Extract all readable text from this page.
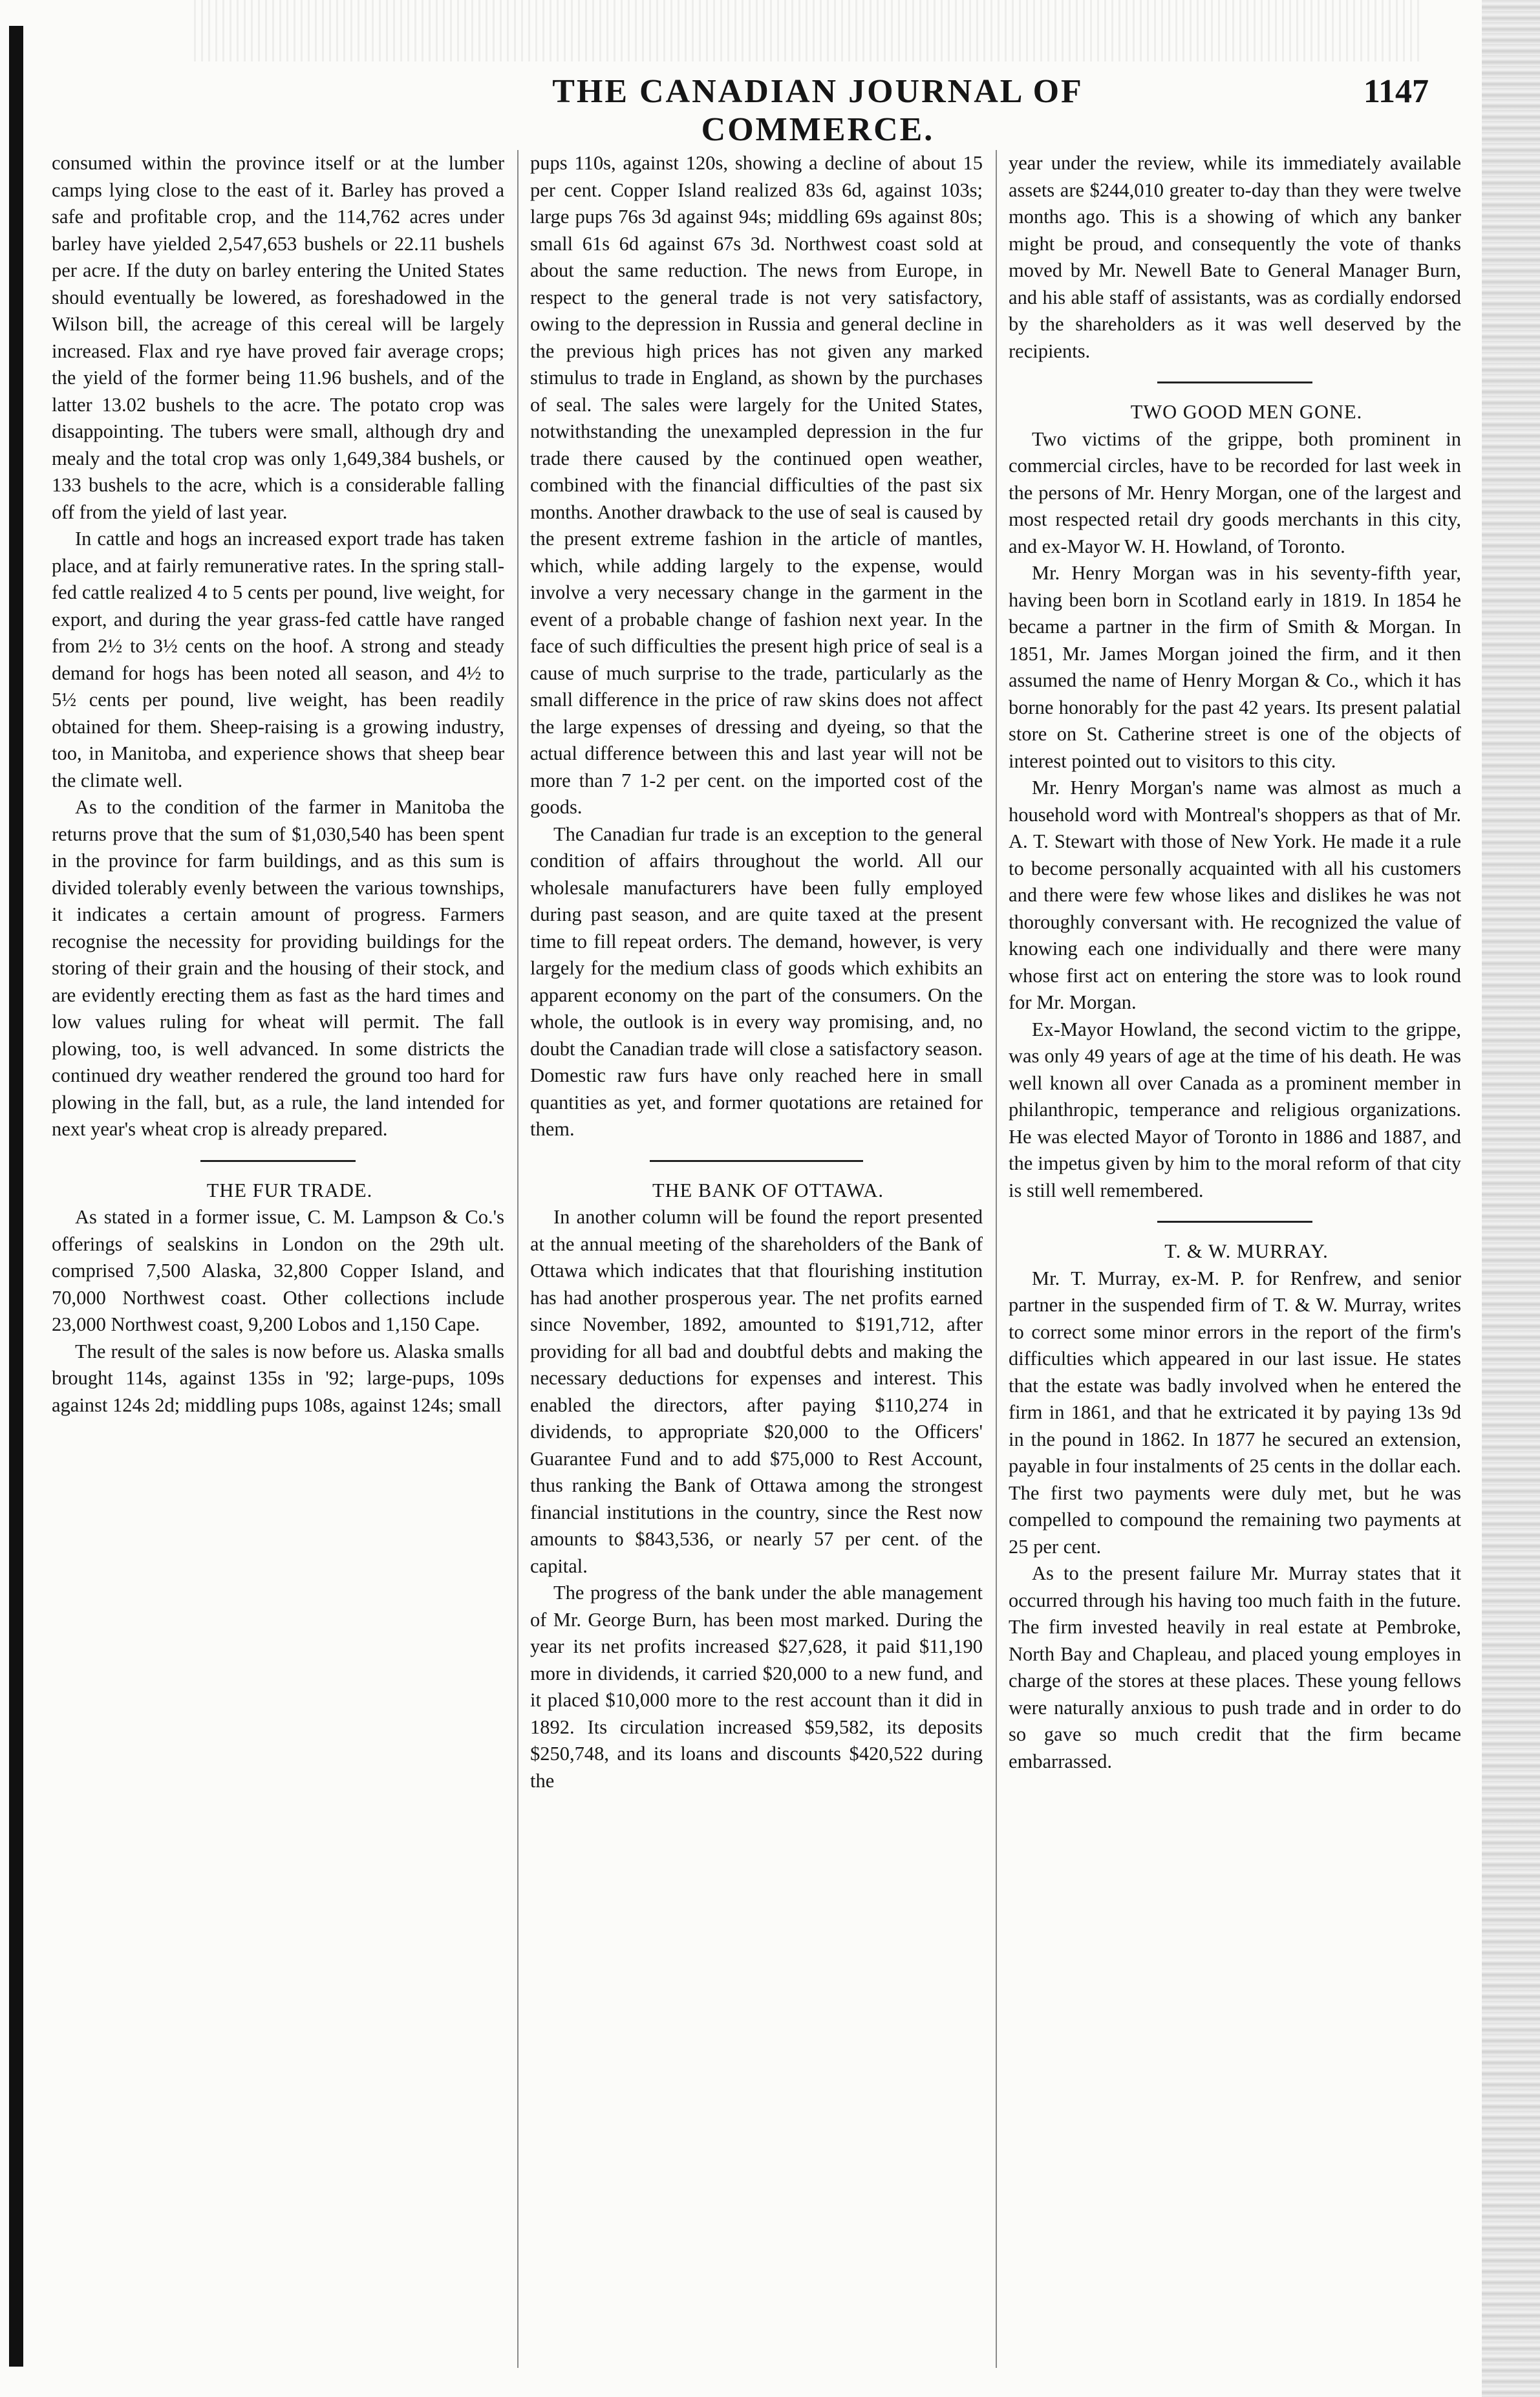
THE CANADIAN JOURNAL OF COMMERCE.
1147

consumed within the province itself or at the lumber camps lying close to the east of it. Barley has proved a safe and profitable crop, and the 114,762 acres under barley have yielded 2,547,653 bushels or 22.11 bushels per acre. If the duty on barley entering the United States should eventually be lowered, as foreshadowed in the Wilson bill, the acreage of this cereal will be largely increased. Flax and rye have proved fair average crops; the yield of the former being 11.96 bushels, and of the latter 13.02 bushels to the acre. The potato crop was disappointing. The tubers were small, although dry and mealy and the total crop was only 1,649,384 bushels, or 133 bushels to the acre, which is a considerable falling off from the yield of last year.

In cattle and hogs an increased export trade has taken place, and at fairly remunerative rates. In the spring stall-fed cattle realized 4 to 5 cents per pound, live weight, for export, and during the year grass-fed cattle have ranged from 2½ to 3½ cents on the hoof. A strong and steady demand for hogs has been noted all season, and 4½ to 5½ cents per pound, live weight, has been readily obtained for them. Sheep-raising is a growing industry, too, in Manitoba, and experience shows that sheep bear the climate well.

As to the condition of the farmer in Manitoba the returns prove that the sum of $1,030,540 has been spent in the province for farm buildings, and as this sum is divided tolerably evenly between the various townships, it indicates a certain amount of progress. Farmers recognise the necessity for providing buildings for the storing of their grain and the housing of their stock, and are evidently erecting them as fast as the hard times and low values ruling for wheat will permit. The fall plowing, too, is well advanced. In some districts the continued dry weather rendered the ground too hard for plowing in the fall, but, as a rule, the land intended for next year's wheat crop is already prepared.

THE FUR TRADE.

As stated in a former issue, C. M. Lampson & Co.'s offerings of sealskins in London on the 29th ult. comprised 7,500 Alaska, 32,800 Copper Island, and 70,000 Northwest coast. Other collections include 23,000 Northwest coast, 9,200 Lobos and 1,150 Cape.

The result of the sales is now before us. Alaska smalls brought 114s, against 135s in '92; large-pups, 109s against 124s 2d; middling pups 108s, against 124s; small

pups 110s, against 120s, showing a decline of about 15 per cent. Copper Island realized 83s 6d, against 103s; large pups 76s 3d against 94s; middling 69s against 80s; small 61s 6d against 67s 3d. Northwest coast sold at about the same reduction. The news from Europe, in respect to the general trade is not very satisfactory, owing to the depression in Russia and general decline in the previous high prices has not given any marked stimulus to trade in England, as shown by the purchases of seal. The sales were largely for the United States, notwithstanding the unexampled depression in the fur trade there caused by the continued open weather, combined with the financial difficulties of the past six months. Another drawback to the use of seal is caused by the present extreme fashion in the article of mantles, which, while adding largely to the expense, would involve a very necessary change in the garment in the event of a probable change of fashion next year. In the face of such difficulties the present high price of seal is a cause of much surprise to the trade, particularly as the small difference in the price of raw skins does not affect the large expenses of dressing and dyeing, so that the actual difference between this and last year will not be more than 7 1-2 per cent. on the imported cost of the goods.

The Canadian fur trade is an exception to the general condition of affairs throughout the world. All our wholesale manufacturers have been fully employed during past season, and are quite taxed at the present time to fill repeat orders. The demand, however, is very largely for the medium class of goods which exhibits an apparent economy on the part of the consumers. On the whole, the outlook is in every way promising, and, no doubt the Canadian trade will close a satisfactory season. Domestic raw furs have only reached here in small quantities as yet, and former quotations are retained for them.

THE BANK OF OTTAWA.

In another column will be found the report presented at the annual meeting of the shareholders of the Bank of Ottawa which indicates that that flourishing institution has had another prosperous year. The net profits earned since November, 1892, amounted to $191,712, after providing for all bad and doubtful debts and making the necessary deductions for expenses and interest. This enabled the directors, after paying $110,274 in dividends, to appropriate $20,000 to the Officers' Guarantee Fund and to add $75,000 to Rest Account, thus ranking the Bank of Ottawa among the strongest financial institutions in the country, since the Rest now amounts to $843,536, or nearly 57 per cent. of the capital.

The progress of the bank under the able management of Mr. George Burn, has been most marked. During the year its net profits increased $27,628, it paid $11,190 more in dividends, it carried $20,000 to a new fund, and it placed $10,000 more to the rest account than it did in 1892. Its circulation increased $59,582, its deposits $250,748, and its loans and discounts $420,522 during the

year under the review, while its immediately available assets are $244,010 greater to-day than they were twelve months ago. This is a showing of which any banker might be proud, and consequently the vote of thanks moved by Mr. Newell Bate to General Manager Burn, and his able staff of assistants, was as cordially endorsed by the shareholders as it was well deserved by the recipients.

TWO GOOD MEN GONE.

Two victims of the grippe, both prominent in commercial circles, have to be recorded for last week in the persons of Mr. Henry Morgan, one of the largest and most respected retail dry goods merchants in this city, and ex-Mayor W. H. Howland, of Toronto.

Mr. Henry Morgan was in his seventy-fifth year, having been born in Scotland early in 1819. In 1854 he became a partner in the firm of Smith & Morgan. In 1851, Mr. James Morgan joined the firm, and it then assumed the name of Henry Morgan & Co., which it has borne honorably for the past 42 years. Its present palatial store on St. Catherine street is one of the objects of interest pointed out to visitors to this city.

Mr. Henry Morgan's name was almost as much a household word with Montreal's shoppers as that of Mr. A. T. Stewart with those of New York. He made it a rule to become personally acquainted with all his customers and there were few whose likes and dislikes he was not thoroughly conversant with. He recognized the value of knowing each one individually and there were many whose first act on entering the store was to look round for Mr. Morgan.

Ex-Mayor Howland, the second victim to the grippe, was only 49 years of age at the time of his death. He was well known all over Canada as a prominent member in philanthropic, temperance and religious organizations. He was elected Mayor of Toronto in 1886 and 1887, and the impetus given by him to the moral reform of that city is still well remembered.

T. & W. MURRAY.

Mr. T. Murray, ex-M. P. for Renfrew, and senior partner in the suspended firm of T. & W. Murray, writes to correct some minor errors in the report of the firm's difficulties which appeared in our last issue. He states that the estate was badly involved when he entered the firm in 1861, and that he extricated it by paying 13s 9d in the pound in 1862. In 1877 he secured an extension, payable in four instalments of 25 cents in the dollar each. The first two payments were duly met, but he was compelled to compound the remaining two payments at 25 per cent.

As to the present failure Mr. Murray states that it occurred through his having too much faith in the future. The firm invested heavily in real estate at Pembroke, North Bay and Chapleau, and placed young employes in charge of the stores at these places. These young fellows were naturally anxious to push trade and in order to do so gave so much credit that the firm became embarrassed.
